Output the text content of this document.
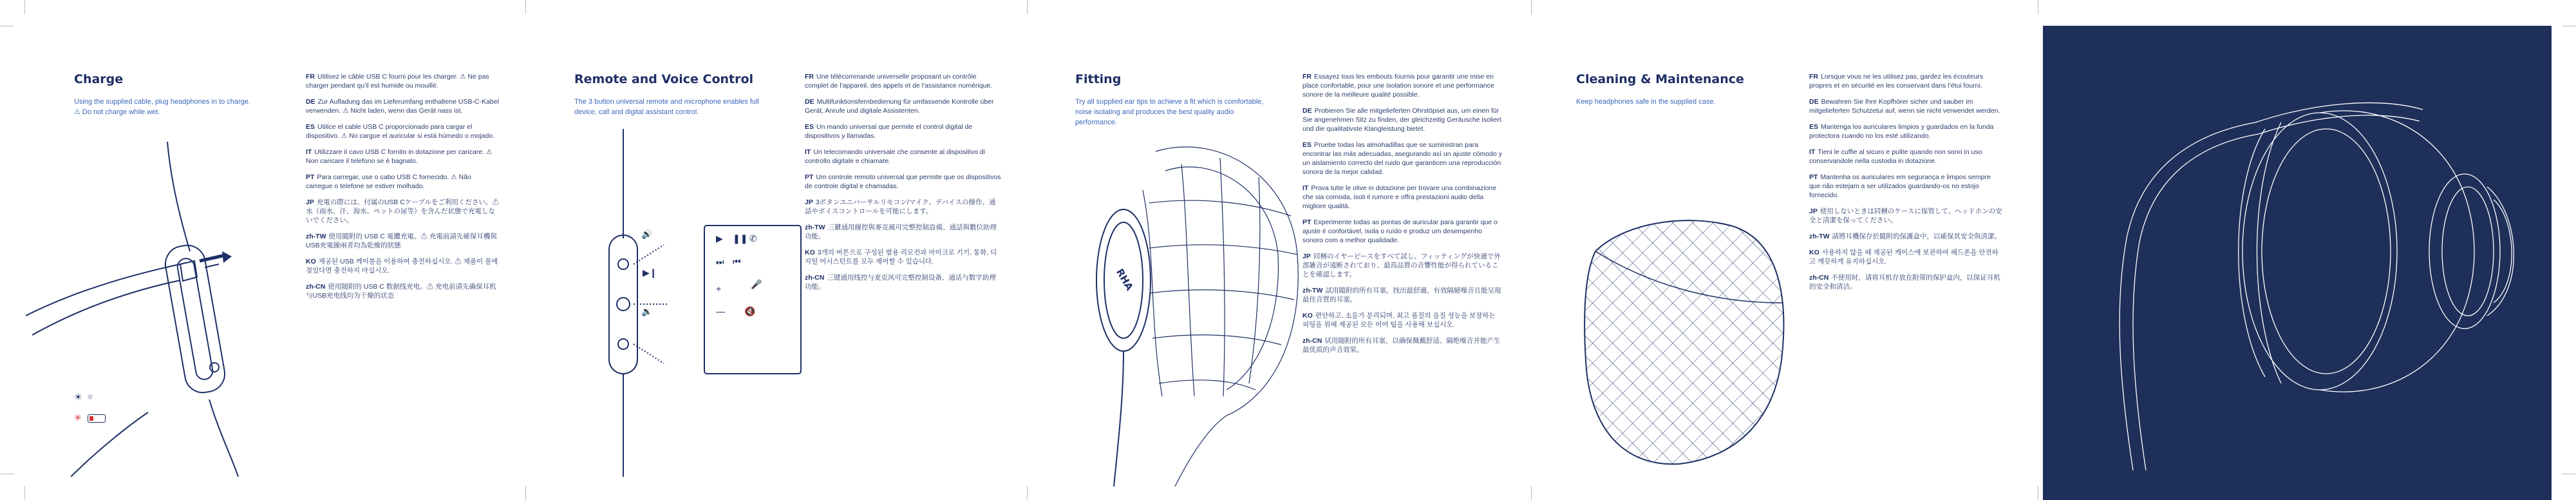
Charge
Using the supplied cable, plug headphones in to charge. ⚠ Do not charge while wet.
☀
✳

FR Utilisez le câble USB C fourni pour les charger. ⚠ Ne pas charger pendant qu'il est humide ou mouillé.

DE Zur Aufladung das im Lieferumfang enthaltene USB-C-Kabel verwenden. ⚠ Nicht laden, wenn das Gerät nass ist.

ES Utilice el cable USB C proporcionado para cargar el dispositivo. ⚠ No cargue el auricular si está húmedo o mojado.

IT Utilizzare il cavo USB C fornito in dotazione per caricare. ⚠ Non caricare il telefono se è bagnato.

PT Para carregar, use o cabo USB C fornecido. ⚠ Não carregue o telefone se estiver molhado.

JP 充電の際には、付属のUSB Cケーブルをご利用ください。⚠ 水（雨水、汗、海水、ペットの尿等）を含んだ状態で充電しないでください。

zh-TW 使用隨附的 USB C 電纜充電。⚠ 充電前請先確保耳機與USB充電線兩者均為乾燥的狀態

KO 제공된 USB 케이블을 이용하여 충전하십시오. ⚠ 제품이 물에 젖었다면 충전하지 마십시오.

zh-CN 使用随附的 USB C 数据线充电。⚠ 充电前请先确保耳机与USB充电线均为干燥的状态

Remote and Voice Control
The 3 button universal remote and microphone enables full device, call and digital assistant control.
🔊
▶❙
🔉
▶ ❚❚ ✆
⏭ ⏮
🎤
+
— 🔇

FR Une télécommande universelle proposant un contrôle complet de l'appareil, des appels et de l'assistance numérique.

DE Multifunktionsfernbedienung für umfassende Kontrolle über Gerät, Anrufe und digitale Assistenten.

ES Un mando universal que permite el control digital de dispositivos y llamadas.

IT Un telecomando universale che consente al dispositivo di controllo digitale e chiamate.

PT Um controle remoto universal que permite que os dispositivos de controle digital e chamadas.

JP 3ボタンユニバーサルリモコン/マイク、デバイスの操作、通話やボイスコントロールを可能にします。

zh-TW 三鍵通用線控與麥克風可完整控制設備、通話與數位助理功能。

KO 3개의 버튼으로 구성된 범용 리모컨과 마이크로 기기, 통화, 디지털 어시스턴트를 모두 제어할 수 있습니다.

zh-CN 三键通用线控与麦克风可完整控制设备、通话与数字助理功能。

Fitting
Try all supplied ear tips to achieve a fit which is comfortable, noise isolating and produces the best quality audio performance.
RHA

FR Essayez tous les embouts fournis pour garantir une mise en place confortable, pour une isolation sonore et une performance sonore de la meilleure qualité possible.

DE Probieren Sie alle mitgelieferten Ohrstöpsel aus, um einen für Sie angenehmen Sitz zu finden, der gleichzeitig Geräusche isoliert und die qualitativste Klangleistung bietet.

ES Pruebe todas las almohadillas que se suministran para encontrar las más adecuadas, asegurando así un ajuste cómodo y un aislamiento correcto del ruido que garanticen una reproducción sonora de la mejor calidad.

IT Prova tutte le olive in dotazione per trovare una combinazione che sia comoda, isoli il rumore e offra prestazioni audio della migliore qualità.

PT Experimente todas as pontas de auricular para garantir que o ajuste é confortável, isola o ruído e produz um desempenho sonoro com a melhor qualidade.

JP 同梱のイヤーピースをすべて試し、フィッティングが快適で外部雑音が遠断されており、最高品質の音響性能が得られていることを確認します。

zh-TW 試用隨附的所有耳塞，找出最舒適、有效隔絕噪音且能呈現最佳音質的耳塞。

KO 편안하고, 소음가 분리되며, 최고 품질의 음질 성능을 보장하는 피팅을 위해 제공된 모든 이어 팁을 사용해 보십시오.

zh-CN 试用随附的所有耳塞，以确保佩戴舒适、隔绝噪音并能产生最优质的声音效果。

Cleaning & Maintenance
Keep headphones safe in the supplied case.

FR Lorsque vous ne les utilisez pas, gardez les écouteurs propres et en sécurité en les conservant dans l'étui fourni.

DE Bewahren Sie Ihre Kopfhörer sicher und sauber im mitgelieferten Schutzetui auf, wenn sie nicht verwendet werden.

ES Mantenga los auriculares limpios y guardados en la funda protectora cuando no los esté utilizando.

IT Tieni le cuffie al sicuro e pulite quando non sono in uso conservandole nella custodia in dotazione.

PT Mantenha os auriculares em segurança e limpos sempre que não estejam a ser utilizados guardando-os no estojo fornecido.

JP 使用しないときは同梱のケースに保管して、ヘッドホンの安全と清潔を保ってください。

zh-TW 請將耳機保存於隨附的保護盒中，以確保其安全與清潔。

KO 사용하지 않을 때 제공된 케이스에 보관하여 헤드폰을 안전하고 깨끗하게 유지하십시오.

zh-CN 不使用时，请将耳机存放在附带的保护盒内，以保证耳机的安全和清洁。
